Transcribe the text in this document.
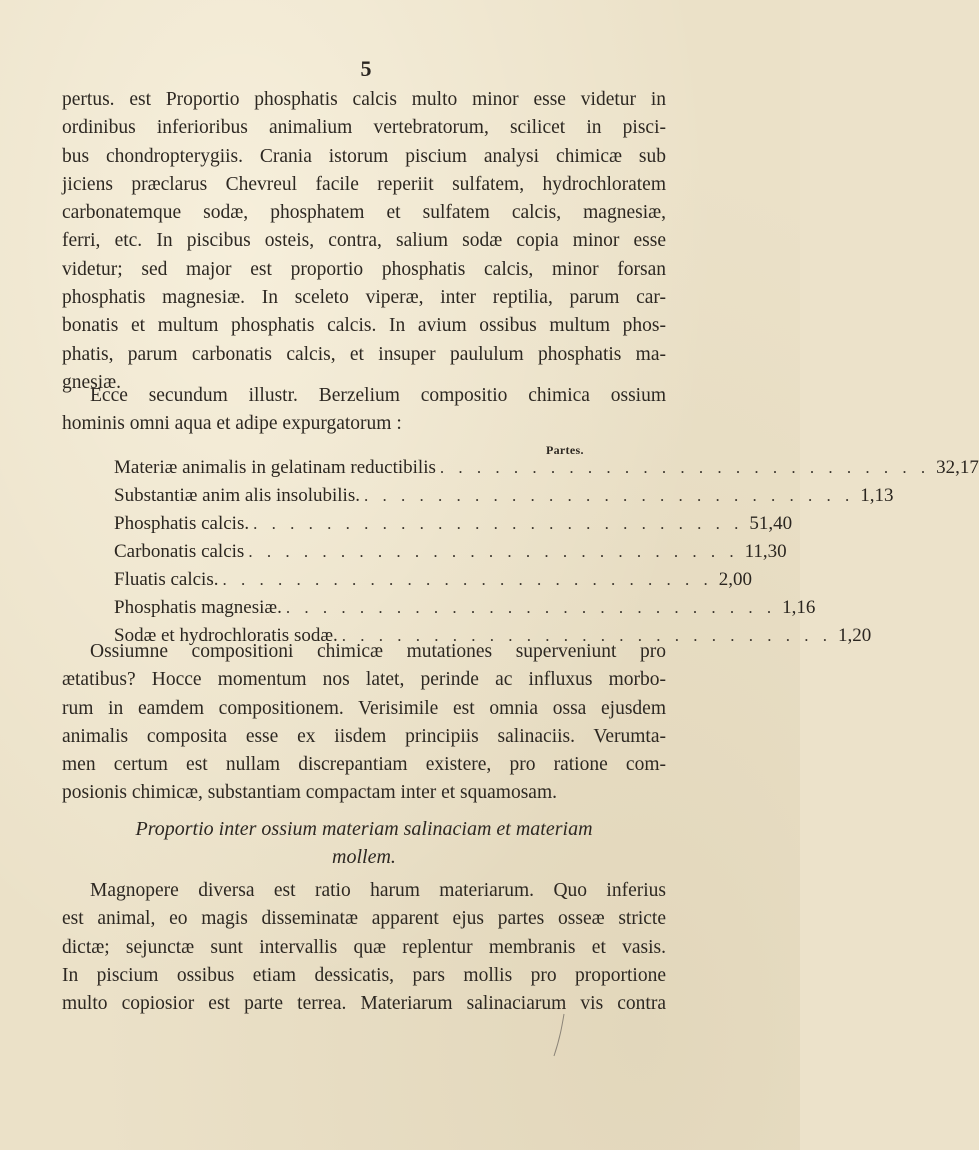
5

pertus. est Proportio phosphatis calcis multo minor esse videtur in
ordinibus inferioribus animalium vertebratorum, scilicet in pisci-
bus chondropterygiis. Crania istorum piscium analysi chimicæ sub
jiciens præclarus Chevreul facile reperiit sulfatem, hydrochloratem
carbonatemque sodæ, phosphatem et sulfatem calcis, magnesiæ,
ferri, etc. In piscibus osteis, contra, salium sodæ copia minor esse
videtur; sed major est proportio phosphatis calcis, minor forsan
phosphatis magnesiæ. In sceleto viperæ, inter reptilia, parum car-
bonatis et multum phosphatis calcis. In avium ossibus multum phos-
phatis, parum carbonatis calcis, et insuper paululum phosphatis ma-
gnesiæ.

Ecce secundum illustr. Berzelium compositio chimica ossium
hominis omni aqua et adipe expurgatorum :

Partes.
Materiæ animalis in gelatinam reductibilis . . . . . . . . . . . . . . . . . . . . . . . . . . . 32,17
Substantiæ anim alis insolubilis. . . . . . . . . . . . . . . . . . . . . . . . . . . . 1,13
Phosphatis calcis. . . . . . . . . . . . . . . . . . . . . . . . . . . . 51,40
Carbonatis calcis . . . . . . . . . . . . . . . . . . . . . . . . . . . 11,30
Fluatis calcis. . . . . . . . . . . . . . . . . . . . . . . . . . . . 2,00
Phosphatis magnesiæ. . . . . . . . . . . . . . . . . . . . . . . . . . . . 1,16
Sodæ et hydrochloratis sodæ. . . . . . . . . . . . . . . . . . . . . . . . . . . . 1,20

Ossiumne compositioni chimicæ mutationes superveniunt pro
ætatibus? Hocce momentum nos latet, perinde ac influxus morbo-
rum in eamdem compositionem. Verisimile est omnia ossa ejusdem
animalis composita esse ex iisdem principiis salinaciis. Verumta-
men certum est nullam discrepantiam existere, pro ratione com-
posionis chimicæ, substantiam compactam inter et squamosam.

Proportio inter ossium materiam salinaciam et materiam
mollem.

Magnopere diversa est ratio harum materiarum. Quo inferius
est animal, eo magis disseminatæ apparent ejus partes osseæ stricte
dictæ; sejunctæ sunt intervallis quæ replentur membranis et vasis.
In piscium ossibus etiam dessicatis, pars mollis pro proportione
multo copiosior est parte terrea. Materiarum salinaciarum vis contra
